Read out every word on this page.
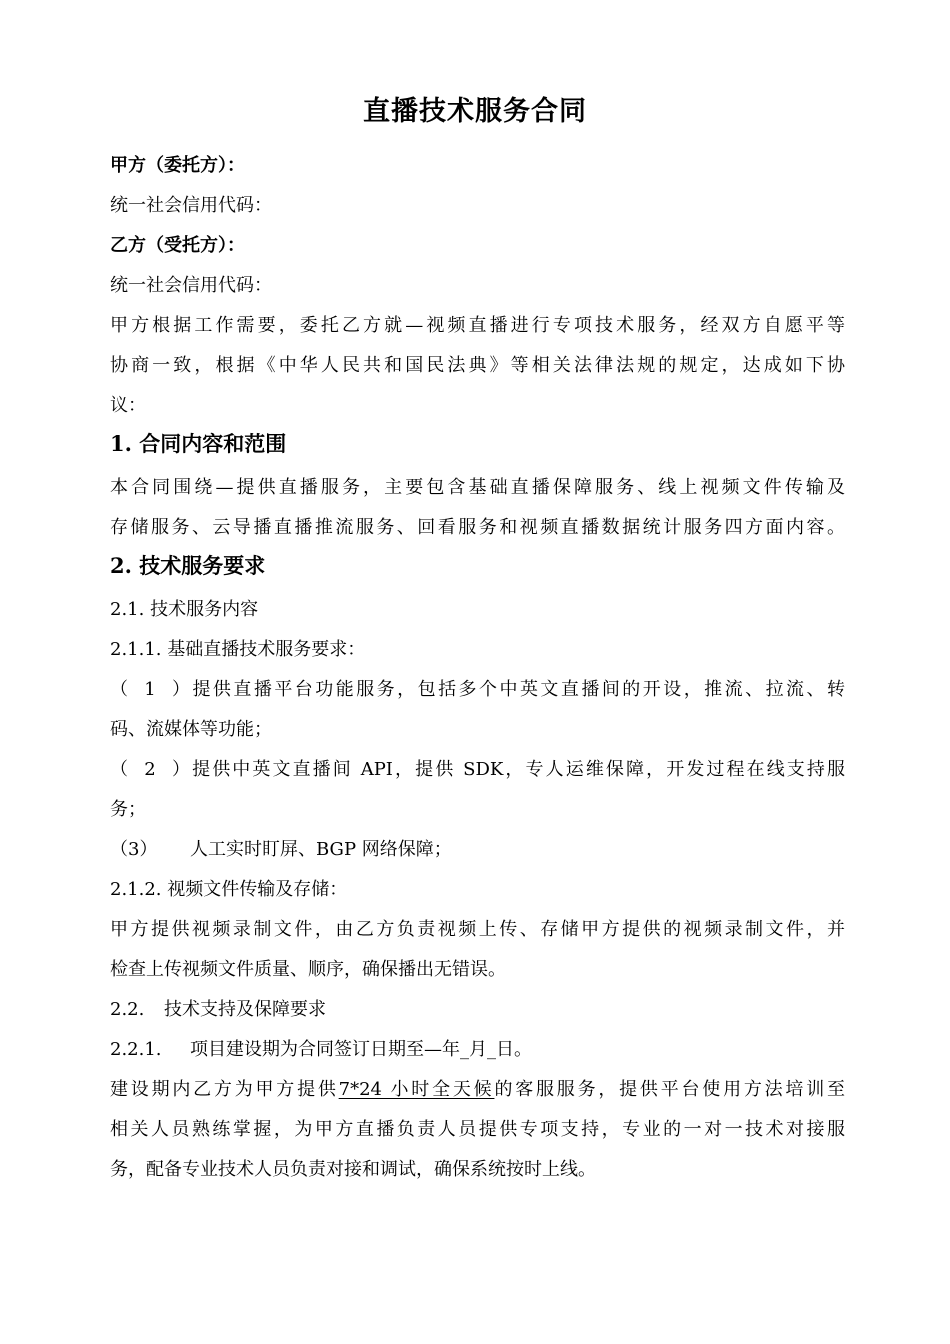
直播技术服务合同
甲方（委托方）：
统一社会信用代码：
乙方（受托方）：
统一社会信用代码：
甲方根据工作需要，委托乙方就—视频直播进行专项技术服务，经双方自愿平等
协商一致，根据《中华人民共和国民法典》等相关法律法规的规定，达成如下协
议：
1. 合同内容和范围
本合同围绕—提供直播服务，主要包含基础直播保障服务、线上视频文件传输及
存储服务、云导播直播推流服务、回看服务和视频直播数据统计服务四方面内容。
2. 技术服务要求
2.1. 技术服务内容
2.1.1. 基础直播技术服务要求：
（1）提供直播平台功能服务，包括多个中英文直播间的开设，推流、拉流、转
码、流媒体等功能；
（2）提供中英文直播间 API，提供 SDK，专人运维保障，开发过程在线支持服
务；
（3） 人工实时盯屏、BGP 网络保障；
2.1.2. 视频文件传输及存储：
甲方提供视频录制文件，由乙方负责视频上传、存储甲方提供的视频录制文件，并
检查上传视频文件质量、顺序，确保播出无错误。
2.2. 技术支持及保障要求
2.2.1. 项目建设期为合同签订日期至—年_月_日。
建设期内乙方为甲方提供7*24 小时全天候的客服服务，提供平台使用方法培训至
相关人员熟练掌握，为甲方直播负责人员提供专项支持，专业的一对一技术对接服
务，配备专业技术人员负责对接和调试，确保系统按时上线。
